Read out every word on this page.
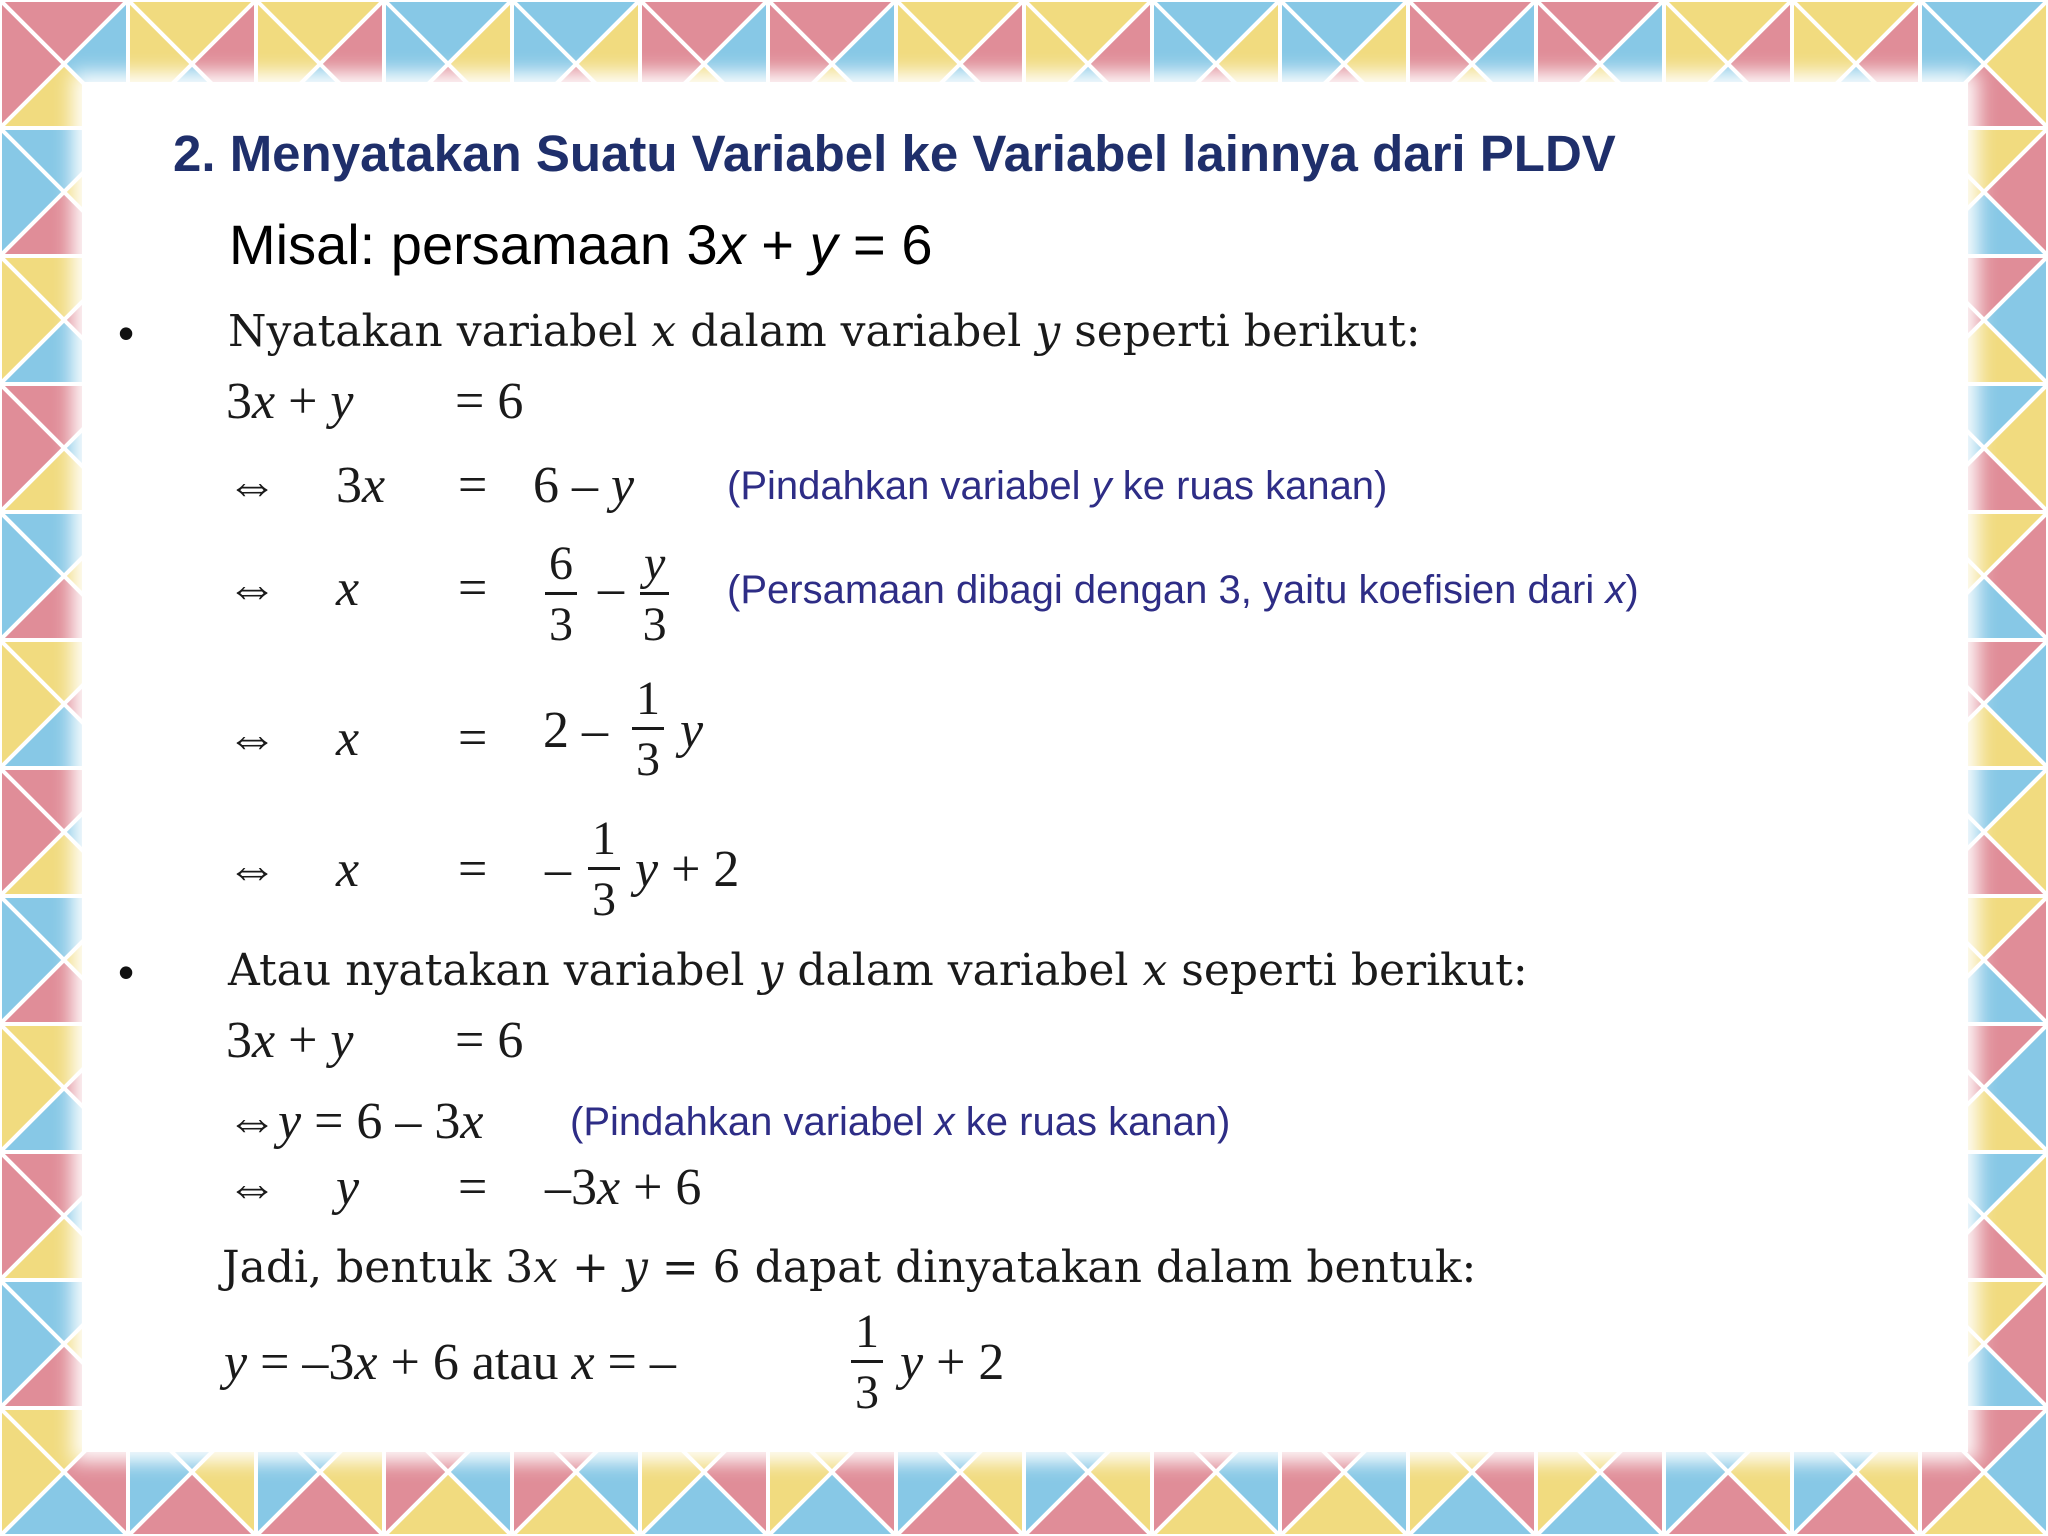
2. Menyatakan Suatu Variabel ke Variabel lainnya dari PLDV
Misal: persamaan 3x + y = 6
• Nyatakan variabel x dalam variabel y seperti berikut:
3x + y = 6
⇔ 3x = 6 – y (Pindahkan variabel y ke ruas kanan)
⇔ $x = \frac{6}{3} - \frac{y}{3}$ (Persamaan dibagi dengan 3, yaitu koefisien dari x)
⇔ $x = 2 - \frac{1}{3}$ y
⇔ x = – $\frac{1}{3}$ y + 2
• Atau nyatakan variabel y dalam variabel x seperti berikut:
3x + y = 6
⇔y = 6 – 3x (Pindahkan variabel x ke ruas kanan)
⇔ y = –3x + 6
Jadi, bentuk 3x + y = 6 dapat dinyatakan dalam bentuk:
y = –3x + 6 atau x = –	$\frac{1}{3}$ y + 2
